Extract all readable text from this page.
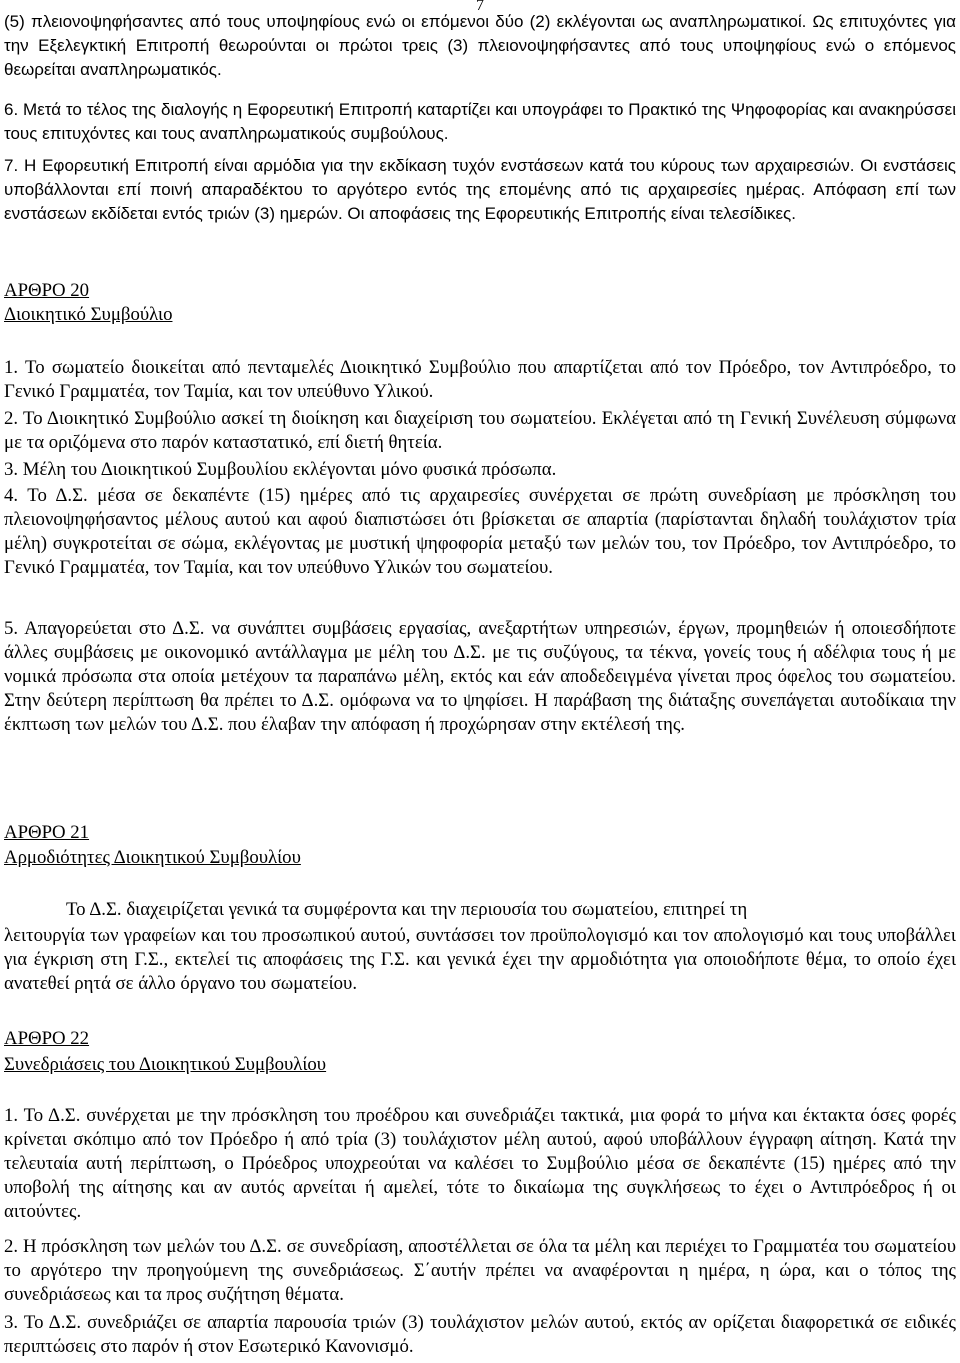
7

(5) πλειονοψηφήσαντες από τους υποψηφίους ενώ οι επόμενοι δύο (2) εκλέγονται ως αναπληρωματικοί. Ως επιτυχόντες για την Εξελεγκτική Επιτροπή θεωρούνται οι πρώτοι τρεις (3) πλειονοψηφήσαντες από τους υποψηφίους ενώ ο επόμενος θεωρείται αναπληρωματικός.

6. Μετά το τέλος της διαλογής η Εφορευτική Επιτροπή καταρτίζει και υπογράφει το Πρακτικό της Ψηφοφορίας και ανακηρύσσει τους επιτυχόντες και τους αναπληρωματικούς συμβούλους.

7. Η Εφορευτική Επιτροπή είναι αρμόδια για την εκδίκαση τυχόν ενστάσεων κατά του κύρους των αρχαιρεσιών. Οι ενστάσεις υποβάλλονται επί ποινή απαραδέκτου το αργότερο εντός της επομένης από τις αρχαιρεσίες ημέρας. Απόφαση επί των ενστάσεων εκδίδεται εντός τριών (3) ημερών. Οι αποφάσεις της Εφορευτικής Επιτροπής είναι τελεσίδικες.

ΑΡΘΡΟ 20
Διοικητικό Συμβούλιο

1. Το σωματείο διοικείται από πενταμελές Διοικητικό Συμβούλιο που απαρτίζεται από τον Πρόεδρο, τον Αντιπρόεδρο, το Γενικό Γραμματέα, τον Ταμία, και τον υπεύθυνο Υλικού.

2. Το Διοικητικό Συμβούλιο ασκεί τη διοίκηση και διαχείριση του σωματείου. Εκλέγεται από τη Γενική Συνέλευση σύμφωνα με τα οριζόμενα στο παρόν καταστατικό, επί διετή θητεία.

3. Μέλη του Διοικητικού Συμβουλίου εκλέγονται μόνο φυσικά πρόσωπα.

4. Το Δ.Σ. μέσα σε δεκαπέντε (15) ημέρες από τις αρχαιρεσίες συνέρχεται σε πρώτη συνεδρίαση με πρόσκληση του πλειονοψηφήσαντος μέλους αυτού και αφού διαπιστώσει ότι βρίσκεται σε απαρτία (παρίστανται δηλαδή τουλάχιστον τρία μέλη) συγκροτείται σε σώμα, εκλέγοντας με μυστική ψηφοφορία μεταξύ των μελών του, τον Πρόεδρο, τον Αντιπρόεδρο, το Γενικό Γραμματέα, τον Ταμία, και τον υπεύθυνο Υλικών του σωματείου.

5. Απαγορεύεται στο Δ.Σ. να συνάπτει συμβάσεις εργασίας, ανεξαρτήτων υπηρεσιών, έργων, προμηθειών ή οποιεσδήποτε άλλες συμβάσεις με οικονομικό αντάλλαγμα με μέλη του Δ.Σ. με τις συζύγους, τα τέκνα, γονείς τους ή αδέλφια τους ή με νομικά πρόσωπα στα οποία μετέχουν τα παραπάνω μέλη, εκτός και εάν αποδεδειγμένα γίνεται προς όφελος του σωματείου. Στην δεύτερη περίπτωση θα πρέπει το Δ.Σ. ομόφωνα να το ψηφίσει. Η παράβαση της διάταξης συνεπάγεται αυτοδίκαια την έκπτωση των μελών του Δ.Σ. που έλαβαν την απόφαση ή προχώρησαν στην εκτέλεσή της.

ΑΡΘΡΟ 21
Αρμοδιότητες Διοικητικού Συμβουλίου

Το Δ.Σ. διαχειρίζεται γενικά τα συμφέροντα και την περιουσία του σωματείου, επιτηρεί τη

λειτουργία των γραφείων και του προσωπικού αυτού, συντάσσει τον προϋπολογισμό και τον απολογισμό και τους υποβάλλει για έγκριση στη Γ.Σ., εκτελεί τις αποφάσεις της Γ.Σ. και γενικά έχει την αρμοδιότητα για οποιοδήποτε θέμα, το οποίο έχει ανατεθεί ρητά σε άλλο όργανο του σωματείου.

ΑΡΘΡΟ 22
Συνεδριάσεις του Διοικητικού Συμβουλίου

1. Το Δ.Σ. συνέρχεται με την πρόσκληση του προέδρου και συνεδριάζει τακτικά, μια φορά το μήνα και έκτακτα όσες φορές κρίνεται σκόπιμο από τον Πρόεδρο ή από τρία (3) τουλάχιστον μέλη αυτού, αφού υποβάλλουν έγγραφη αίτηση. Κατά την τελευταία αυτή περίπτωση, ο Πρόεδρος υποχρεούται να καλέσει το Συμβούλιο μέσα σε δεκαπέντε (15) ημέρες από την υποβολή της αίτησης και αν αυτός αρνείται ή αμελεί, τότε το δικαίωμα της συγκλήσεως το έχει ο Αντιπρόεδρος ή οι αιτούντες.

2. Η πρόσκληση των μελών του Δ.Σ. σε συνεδρίαση, αποστέλλεται σε όλα τα μέλη και περιέχει το Γραμματέα του σωματείου το αργότερο την προηγούμενη της συνεδριάσεως. Σ΄αυτήν πρέπει να αναφέρονται η ημέρα, η ώρα, και ο τόπος της συνεδριάσεως και τα προς συζήτηση θέματα.

3. Το Δ.Σ. συνεδριάζει σε απαρτία παρουσία τριών (3) τουλάχιστον μελών αυτού, εκτός αν ορίζεται διαφορετικά σε ειδικές περιπτώσεις στο παρόν ή στον Εσωτερικό Κανονισμό.
